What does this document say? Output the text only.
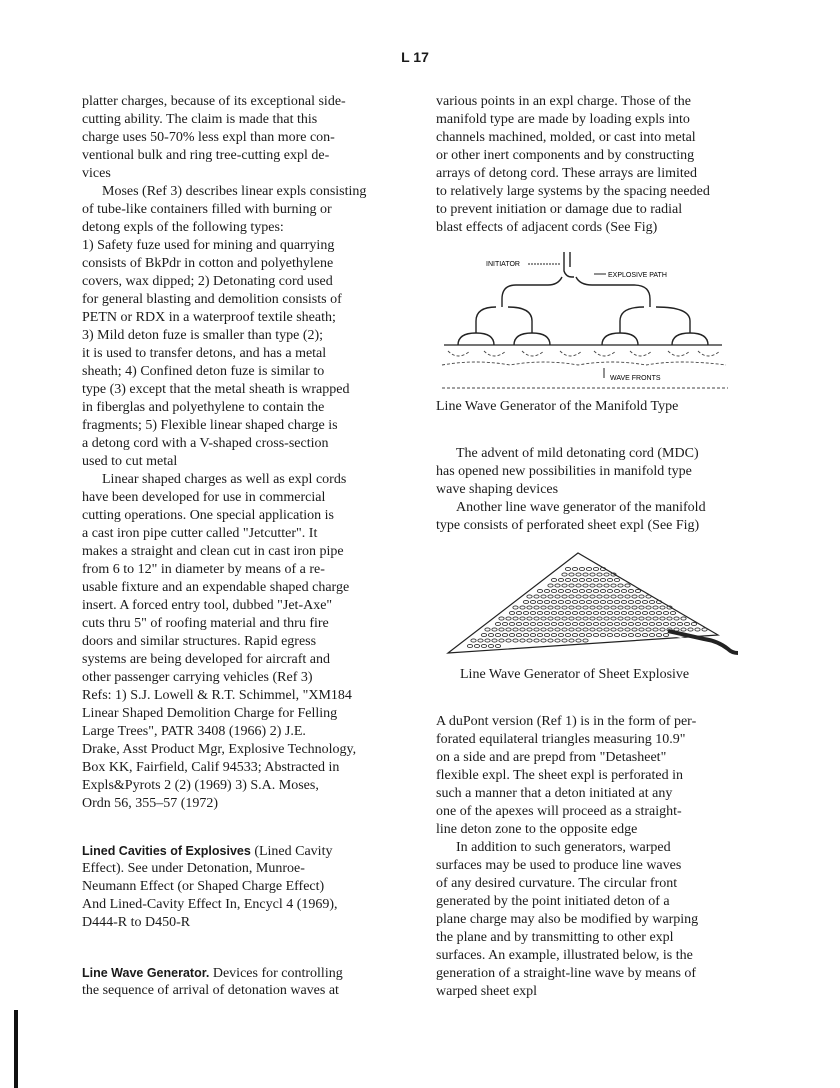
L 17
platter charges, because of its exceptional side-
cutting ability. The claim is made that this
charge uses 50-70% less expl than more con-
ventional bulk and ring tree-cutting expl de-
vices
Moses (Ref 3) describes linear expls consisting
of tube-like containers filled with burning or
detong expls of the following types:
1) Safety fuze used for mining and quarrying
consists of BkPdr in cotton and polyethylene
covers, wax dipped; 2) Detonating cord used
for general blasting and demolition consists of
PETN or RDX in a waterproof textile sheath;
3) Mild deton fuze is smaller than type (2);
it is used to transfer detons, and has a metal
sheath; 4) Confined deton fuze is similar to
type (3) except that the metal sheath is wrapped
in fiberglas and polyethylene to contain the
fragments; 5) Flexible linear shaped charge is
a detong cord with a V-shaped cross-section
used to cut metal
Linear shaped charges as well as expl cords
have been developed for use in commercial
cutting operations. One special application is
a cast iron pipe cutter called "Jetcutter". It
makes a straight and clean cut in cast iron pipe
from 6 to 12" in diameter by means of a re-
usable fixture and an expendable shaped charge
insert. A forced entry tool, dubbed "Jet-Axe"
cuts thru 5" of roofing material and thru fire
doors and similar structures. Rapid egress
systems are being developed for aircraft and
other passenger carrying vehicles (Ref 3)
Refs: 1) S.J. Lowell & R.T. Schimmel, "XM184
Linear Shaped Demolition Charge for Felling
Large Trees", PATR 3408 (1966) 2) J.E.
Drake, Asst Product Mgr, Explosive Technology,
Box KK, Fairfield, Calif 94533; Abstracted in
Expls&Pyrots 2 (2) (1969) 3) S.A. Moses,
Ordn 56, 355–57 (1972)
Lined Cavities of Explosives (Lined Cavity
Effect). See under Detonation, Munroe-
Neumann Effect (or Shaped Charge Effect)
And Lined-Cavity Effect In, Encycl 4 (1969),
D444-R to D450-R
Line Wave Generator. Devices for controlling
the sequence of arrival of detonation waves at
various points in an expl charge. Those of the
manifold type are made by loading expls into
channels machined, molded, or cast into metal
or other inert components and by constructing
arrays of detong cord. These arrays are limited
to relatively large systems by the spacing needed
to prevent initiation or damage due to radial
blast effects of adjacent cords (See Fig)
INITIATOR
EXPLOSIVE PATH
WAVE FRONTS
Line Wave Generator of the Manifold Type
The advent of mild detonating cord (MDC)
has opened new possibilities in manifold type
wave shaping devices
Another line wave generator of the manifold
type consists of perforated sheet expl (See Fig)
Line Wave Generator of Sheet Explosive
A duPont version (Ref 1) is in the form of per-
forated equilateral triangles measuring 10.9"
on a side and are prepd from "Detasheet"
flexible expl. The sheet expl is perforated in
such a manner that a deton initiated at any
one of the apexes will proceed as a straight-
line deton zone to the opposite edge
In addition to such generators, warped
surfaces may be used to produce line waves
of any desired curvature. The circular front
generated by the point initiated deton of a
plane charge may also be modified by warping
the plane and by transmitting to other expl
surfaces. An example, illustrated below, is the
generation of a straight-line wave by means of
warped sheet expl
